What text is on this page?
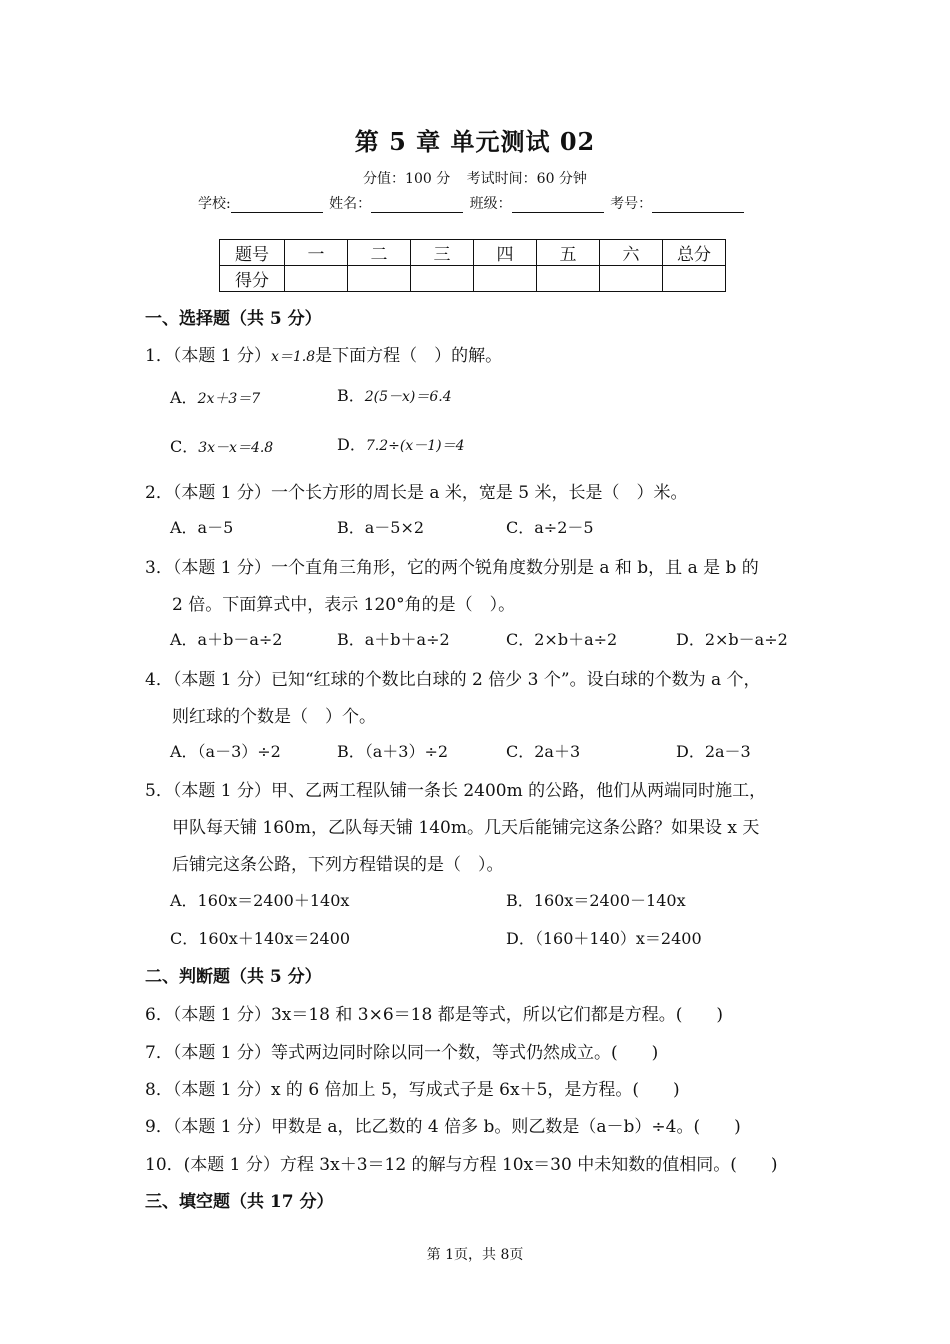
第 5 章 单元测试 02
分值：100 分 考试时间：60 分钟
学校:	姓名：	班级：	考号：
题号	一	二	三	四	五	六	总分
得分							
一、选择题（共 5 分）
1．（本题 1 分）x＝1.8是下面方程（　）的解。
A．2x＋3＝7	B．2(5－x)＝6.4
C．3x－x＝4.8	D．7.2÷(x－1)＝4
2．（本题 1 分）一个长方形的周长是 a 米，宽是 5 米，长是（　）米。
A．a－5	B．a－5×2	C．a÷2－5
3．（本题 1 分）一个直角三角形，它的两个锐角度数分别是 a 和 b，且 a 是 b 的
2 倍。下面算式中，表示 120°角的是（　）。
A．a＋b－a÷2	B．a＋b＋a÷2	C．2×b＋a÷2	D．2×b－a÷2
4．（本题 1 分）已知“红球的个数比白球的 2 倍少 3 个”。设白球的个数为 a 个，
则红球的个数是（　）个。
A．（a－3）÷2	B．（a＋3）÷2	C．2a＋3	D．2a－3
5．（本题 1 分）甲、乙两工程队铺一条长 2400m 的公路，他们从两端同时施工，
甲队每天铺 160m，乙队每天铺 140m。几天后能铺完这条公路？如果设 x 天
后铺完这条公路，下列方程错误的是（　）。
A．160x＝2400＋140x	B．160x＝2400－140x
C．160x＋140x＝2400	D．（160＋140）x＝2400
二、判断题（共 5 分）
6．（本题 1 分）3x＝18 和 3×6＝18 都是等式，所以它们都是方程。(　　)
7．（本题 1 分）等式两边同时除以同一个数，等式仍然成立。(　　)
8．（本题 1 分）x 的 6 倍加上 5，写成式子是 6x＋5，是方程。(　　)
9．（本题 1 分）甲数是 a，比乙数的 4 倍多 b。则乙数是（a－b）÷4。(　　)
10．(本题 1 分）方程 3x＋3＝12 的解与方程 10x＝30 中未知数的值相同。(　　)
三、填空题（共 17 分）
第 1页，共 8页
